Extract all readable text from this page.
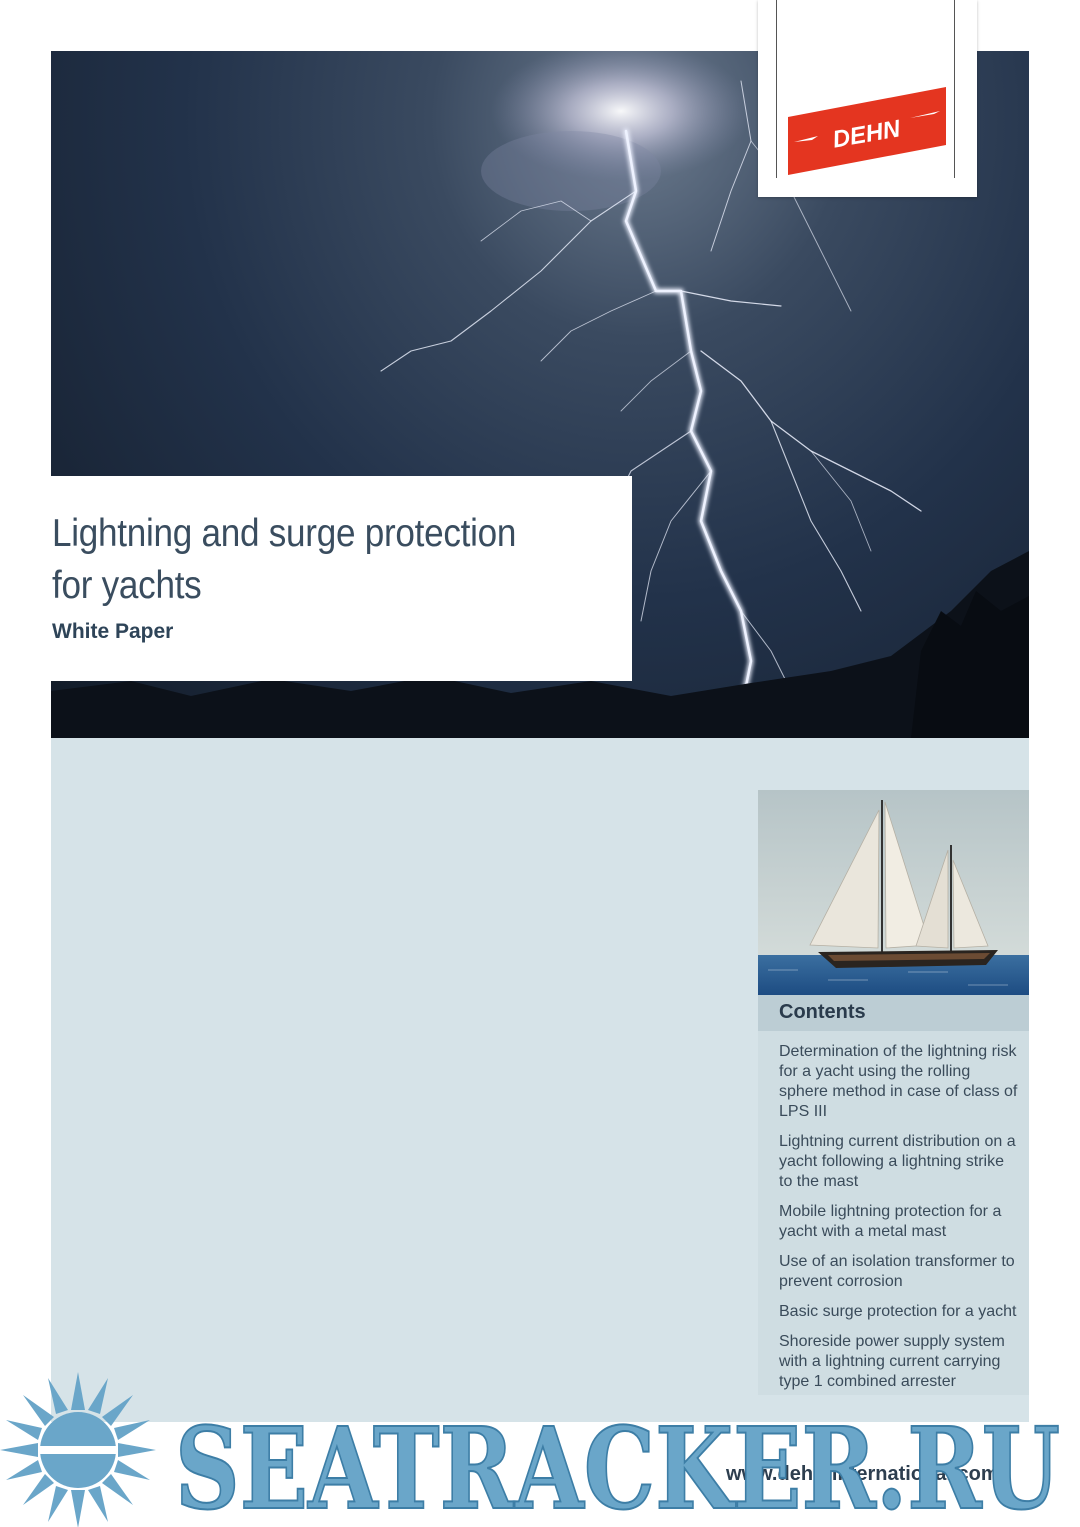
DEHN
Lightning and surge protection for yachts
White Paper
Contents
Determination of the lightning risk for a yacht using the rolling sphere method in case of class of LPS III
Lightning current distribution on a yacht following a lightning strike to the mast
Mobile lightning protection for a yacht with a metal mast
Use of an isolation transformer to prevent corrosion
Basic surge protection for a yacht
Shoreside power supply system with a lightning current carrying type 1 combined arrester
www.dehn-international.com
SEATRACKER.RU
